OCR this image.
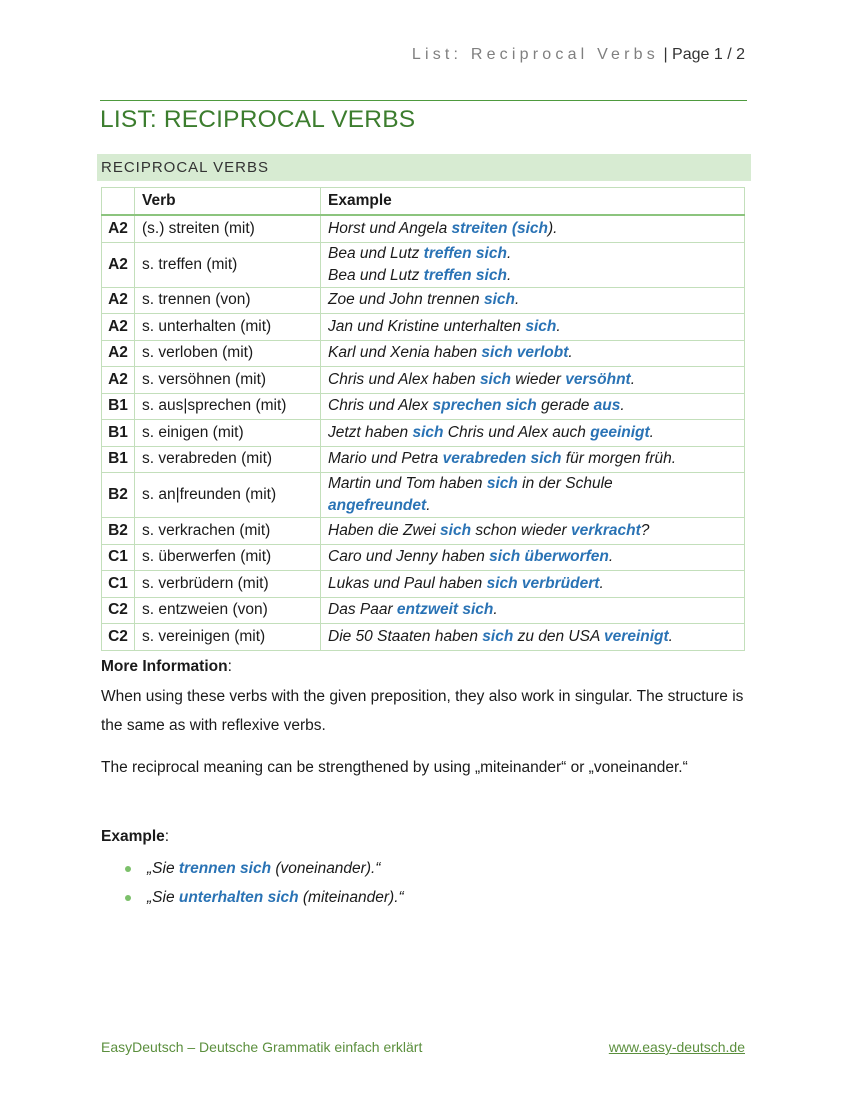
List: Reciprocal Verbs | Page 1 / 2
LIST: RECIPROCAL VERBS
RECIPROCAL VERBS
	Verb	Example
A2	(s.) streiten (mit)	Horst und Angela streiten (sich).

A2	s. treffen (mit)	Bea und Lutz treffen sich.
Bea und Lutz treffen sich.

A2	s. trennen (von)	Zoe und John trennen sich.

A2	s. unterhalten (mit)	Jan und Kristine unterhalten sich.

A2	s. verloben (mit)	Karl und Xenia haben sich verlobt.

A2	s. versöhnen (mit)	Chris und Alex haben sich wieder versöhnt.

B1	s. aus|sprechen (mit)	Chris und Alex sprechen sich gerade aus.

B1	s. einigen (mit)	Jetzt haben sich Chris und Alex auch geeinigt.

B1	s. verabreden (mit)	Mario und Petra verabreden sich für morgen früh.

B2	s. an|freunden (mit)	Martin und Tom haben sich in der Schule
angefreundet.

B2	s. verkrachen (mit)	Haben die Zwei sich schon wieder verkracht?

C1	s. überwerfen (mit)	Caro und Jenny haben sich überworfen.

C1	s. verbrüdern (mit)	Lukas und Paul haben sich verbrüdert.

C2	s. entzweien (von)	Das Paar entzweit sich.

C2	s. vereinigen (mit)	Die 50 Staaten haben sich zu den USA vereinigt.
More Information:
When using these verbs with the given preposition, they also work in singular. The structure is the same as with reflexive verbs.
The reciprocal meaning can be strengthened by using „miteinander“ or „voneinander.“
Example:
„Sie trennen sich (voneinander).“
„Sie unterhalten sich (miteinander).“
EasyDeutsch – Deutsche Grammatik einfach erklärt	www.easy-deutsch.de
